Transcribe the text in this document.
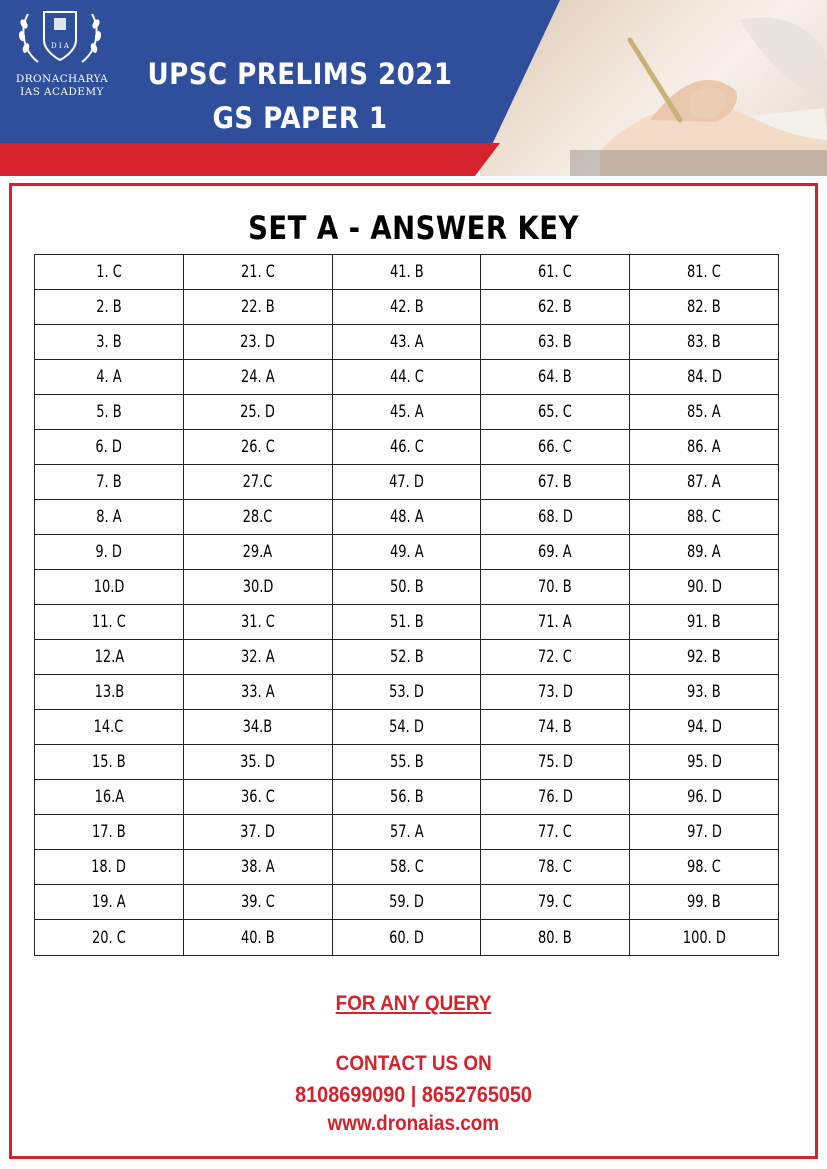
D I A
DRONACHARYA
IAS ACADEMY
UPSC PRELIMS 2021
GS PAPER 1
SET A - ANSWER KEY
1. C	21. C	41. B	61. C	81. C
2. B	22. B	42. B	62. B	82. B
3. B	23. D	43. A	63. B	83. B
4. A	24. A	44. C	64. B	84. D
5. B	25. D	45. A	65. C	85. A
6. D	26. C	46. C	66. C	86. A
7. B	27.C	47. D	67. B	87. A
8. A	28.C	48. A	68. D	88. C
9. D	29.A	49. A	69. A	89. A
10.D	30.D	50. B	70. B	90. D
11. C	31. C	51. B	71. A	91. B
12.A	32. A	52. B	72. C	92. B
13.B	33. A	53. D	73. D	93. B
14.C	34.B	54. D	74. B	94. D
15. B	35. D	55. B	75. D	95. D
16.A	36. C	56. B	76. D	96. D
17. B	37. D	57. A	77. C	97. D
18. D	38. A	58. C	78. C	98. C
19. A	39. C	59. D	79. C	99. B
20. C	40. B	60. D	80. B	100. D
FOR ANY QUERY
CONTACT US ON
8108699090 | 8652765050
www.dronaias.com
